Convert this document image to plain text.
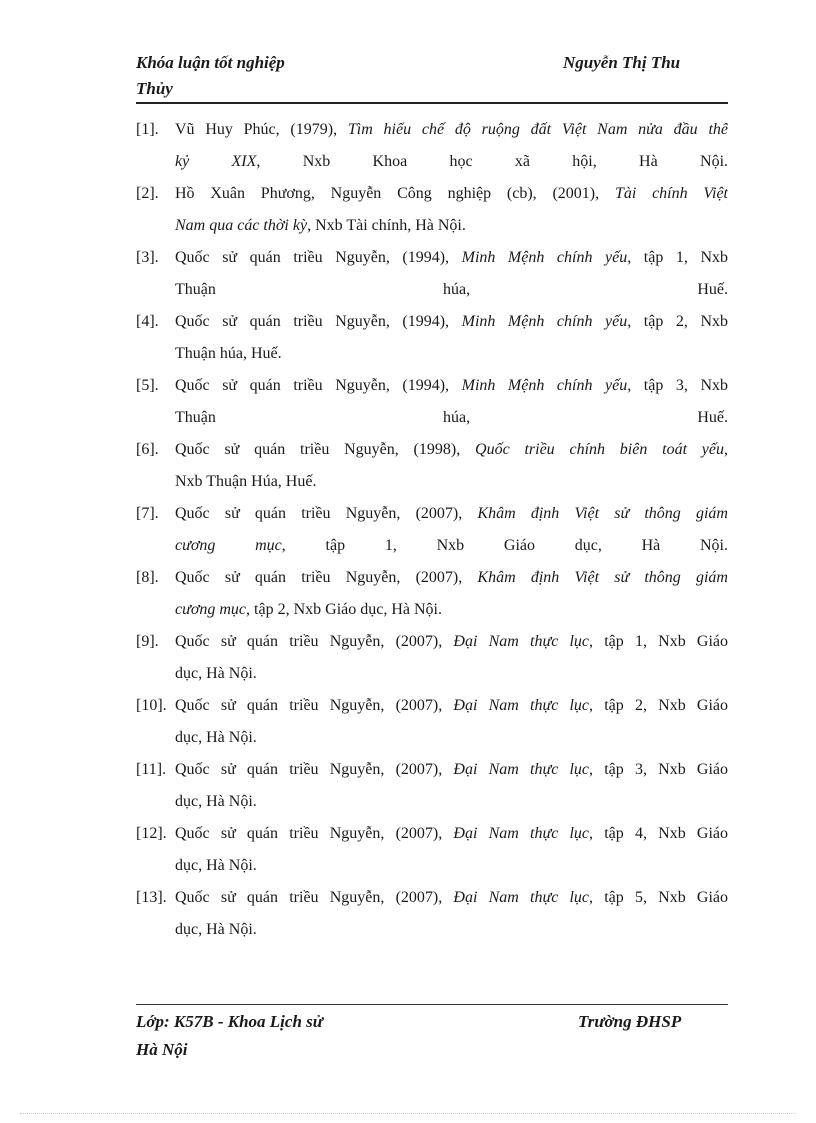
Khóa luận tốt nghiệp	Nguyễn Thị Thu
Thủy
[1]. Vũ Huy Phúc, (1979), Tìm hiểu chế độ ruộng đất Việt Nam nửa đầu thế
kỷ XIX, Nxb Khoa học xã hội, Hà Nội.
[2]. Hồ Xuân Phương, Nguyễn Công nghiệp (cb), (2001), Tài chính Việt
Nam qua các thời kỳ, Nxb Tài chính, Hà Nội.
[3]. Quốc sử quán triều Nguyễn, (1994), Minh Mệnh chính yếu, tập 1, Nxb
Thuận húa, Huế.
[4]. Quốc sử quán triều Nguyễn, (1994), Minh Mệnh chính yếu, tập 2, Nxb
Thuận húa, Huế.
[5]. Quốc sử quán triều Nguyễn, (1994), Minh Mệnh chính yếu, tập 3, Nxb
Thuận húa, Huế.
[6]. Quốc sử quán triều Nguyễn, (1998), Quốc triều chính biên toát yếu,
Nxb Thuận Húa, Huế.
[7]. Quốc sử quán triều Nguyễn, (2007), Khâm định Việt sử thông giám
cương mục, tập 1, Nxb Giáo dục, Hà Nội.
[8]. Quốc sử quán triều Nguyễn, (2007), Khâm định Việt sử thông giám
cương mục, tập 2, Nxb Giáo dục, Hà Nội.
[9]. Quốc sử quán triều Nguyễn, (2007), Đại Nam thực lục, tập 1, Nxb Giáo
dục, Hà Nội.
[10]. Quốc sử quán triều Nguyễn, (2007), Đại Nam thực lục, tập 2, Nxb Giáo
dục, Hà Nội.
[11]. Quốc sử quán triều Nguyễn, (2007), Đại Nam thực lục, tập 3, Nxb Giáo
dục, Hà Nội.
[12]. Quốc sử quán triều Nguyễn, (2007), Đại Nam thực lục, tập 4, Nxb Giáo
dục, Hà Nội.
[13]. Quốc sử quán triều Nguyễn, (2007), Đại Nam thực lục, tập 5, Nxb Giáo
dục, Hà Nội.
Lớp: K57B - Khoa Lịch sử	Trường ĐHSP
Hà Nội
